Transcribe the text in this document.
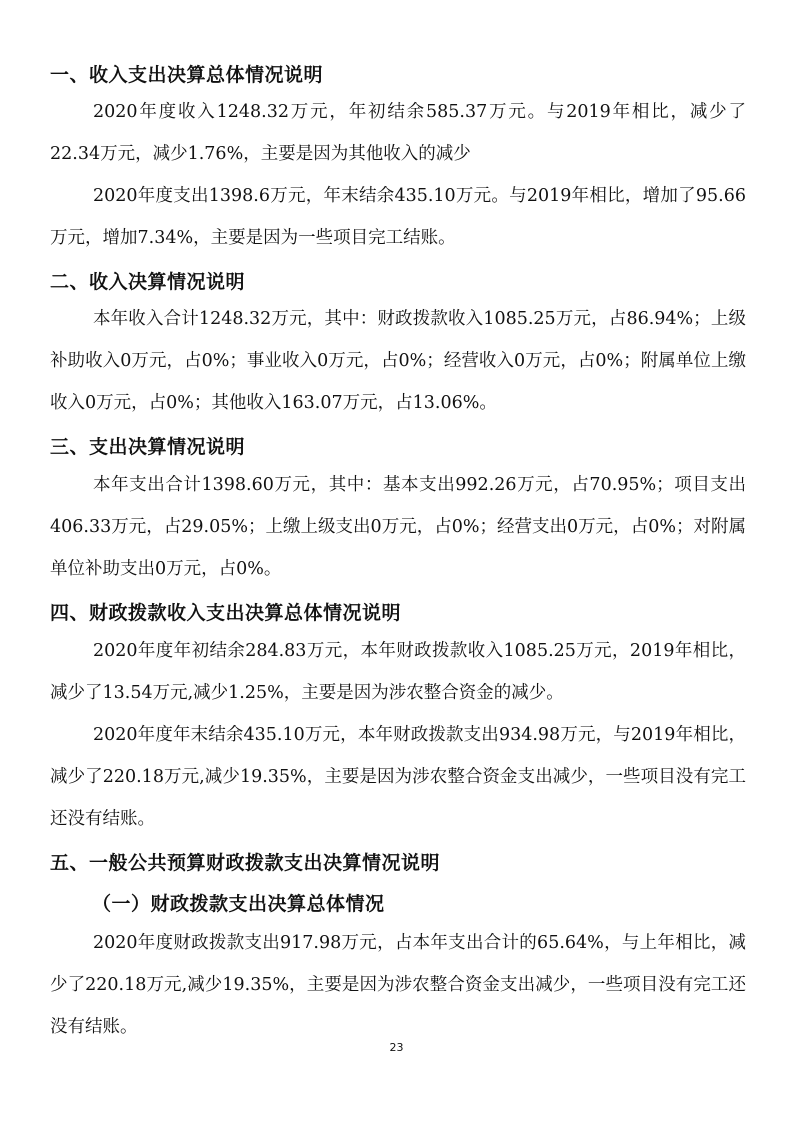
一、收入支出决算总体情况说明
2020年度收入1248.32万元，年初结余585.37万元。与2019年相比，减少了22.34万元，减少1.76%，主要是因为其他收入的减少
2020年度支出1398.6万元，年末结余435.10万元。与2019年相比，增加了95.66万元，增加7.34%，主要是因为一些项目完工结账。
二、收入决算情况说明
本年收入合计1248.32万元，其中：财政拨款收入1085.25万元，占86.94%；上级补助收入0万元，占0%；事业收入0万元，占0%；经营收入0万元，占0%；附属单位上缴收入0万元，占0%；其他收入163.07万元，占13.06%。
三、支出决算情况说明
本年支出合计1398.60万元，其中：基本支出992.26万元，占70.95%；项目支出406.33万元，占29.05%；上缴上级支出0万元，占0%；经营支出0万元，占0%；对附属单位补助支出0万元，占0%。
四、财政拨款收入支出决算总体情况说明
2020年度年初结余284.83万元，本年财政拨款收入1085.25万元，2019年相比，减少了13.54万元,减少1.25%，主要是因为涉农整合资金的减少。
2020年度年末结余435.10万元，本年财政拨款支出934.98万元，与2019年相比，减少了220.18万元,减少19.35%，主要是因为涉农整合资金支出减少，一些项目没有完工还没有结账。
五、一般公共预算财政拨款支出决算情况说明
（一）财政拨款支出决算总体情况
2020年度财政拨款支出917.98万元，占本年支出合计的65.64%，与上年相比，减少了220.18万元,减少19.35%，主要是因为涉农整合资金支出减少，一些项目没有完工还没有结账。
23
